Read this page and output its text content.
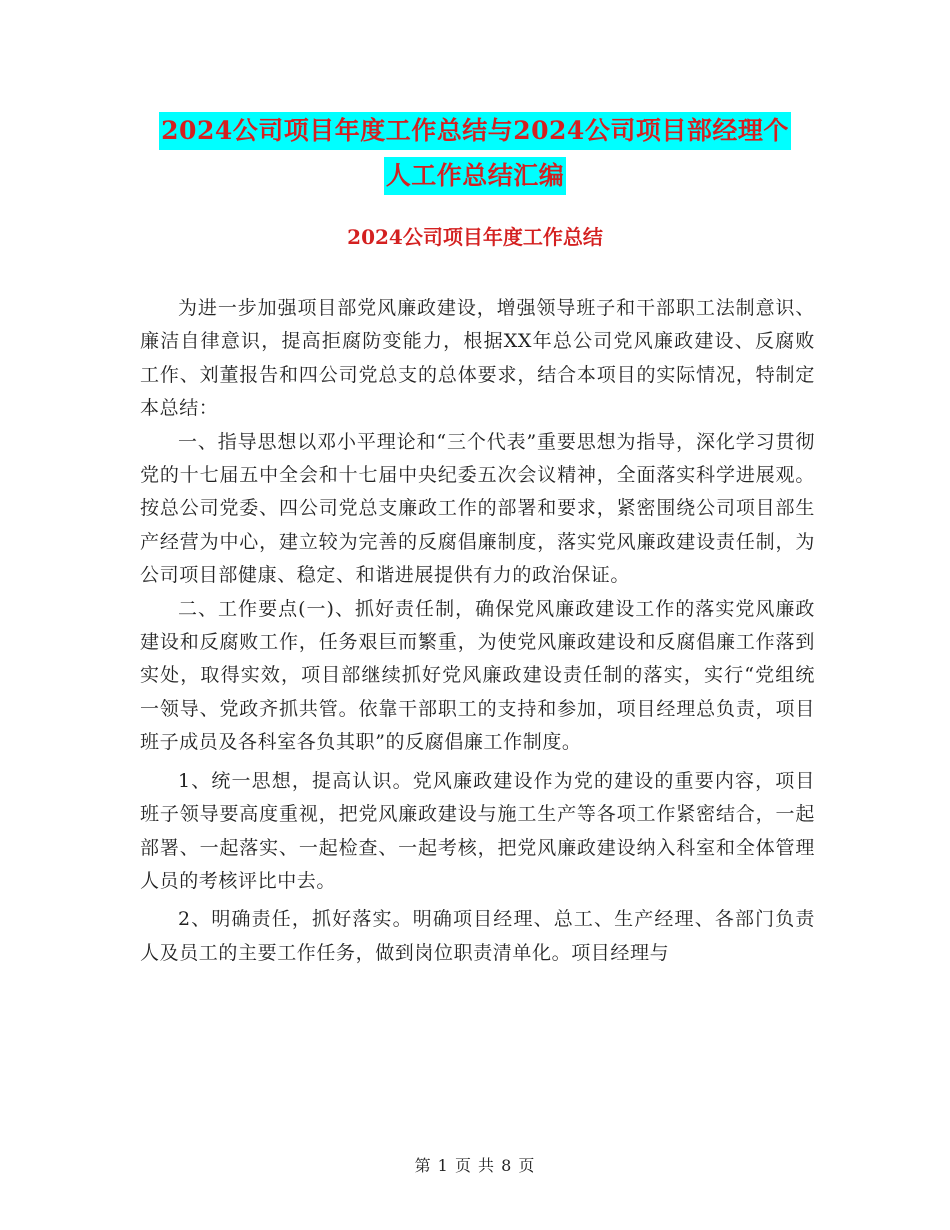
2024公司项目年度工作总结与2024公司项目部经理个
人工作总结汇编
2024公司项目年度工作总结

为进一步加强项目部党风廉政建设，增强领导班子和干部职工法制意识、廉洁自律意识，提高拒腐防变能力，根据XX年总公司党风廉政建设、反腐败工作、刘董报告和四公司党总支的总体要求，结合本项目的实际情况，特制定本总结：

一、指导思想以邓小平理论和“三个代表”重要思想为指导，深化学习贯彻党的十七届五中全会和十七届中央纪委五次会议精神，全面落实科学进展观。按总公司党委、四公司党总支廉政工作的部署和要求，紧密围绕公司项目部生产经营为中心，建立较为完善的反腐倡廉制度，落实党风廉政建设责任制，为公司项目部健康、稳定、和谐进展提供有力的政治保证。

二、工作要点(一)、抓好责任制，确保党风廉政建设工作的落实党风廉政建设和反腐败工作，任务艰巨而繁重，为使党风廉政建设和反腐倡廉工作落到实处，取得实效，项目部继续抓好党风廉政建设责任制的落实，实行“党组统一领导、党政齐抓共管。依靠干部职工的支持和参加，项目经理总负责，项目班子成员及各科室各负其职”的反腐倡廉工作制度。

1、统一思想，提高认识。党风廉政建设作为党的建设的重要内容，项目班子领导要高度重视，把党风廉政建设与施工生产等各项工作紧密结合，一起部署、一起落实、一起检查、一起考核，把党风廉政建设纳入科室和全体管理人员的考核评比中去。

2、明确责任，抓好落实。明确项目经理、总工、生产经理、各部门负责人及员工的主要工作任务，做到岗位职责清单化。项目经理与

第 1 页 共 8 页
